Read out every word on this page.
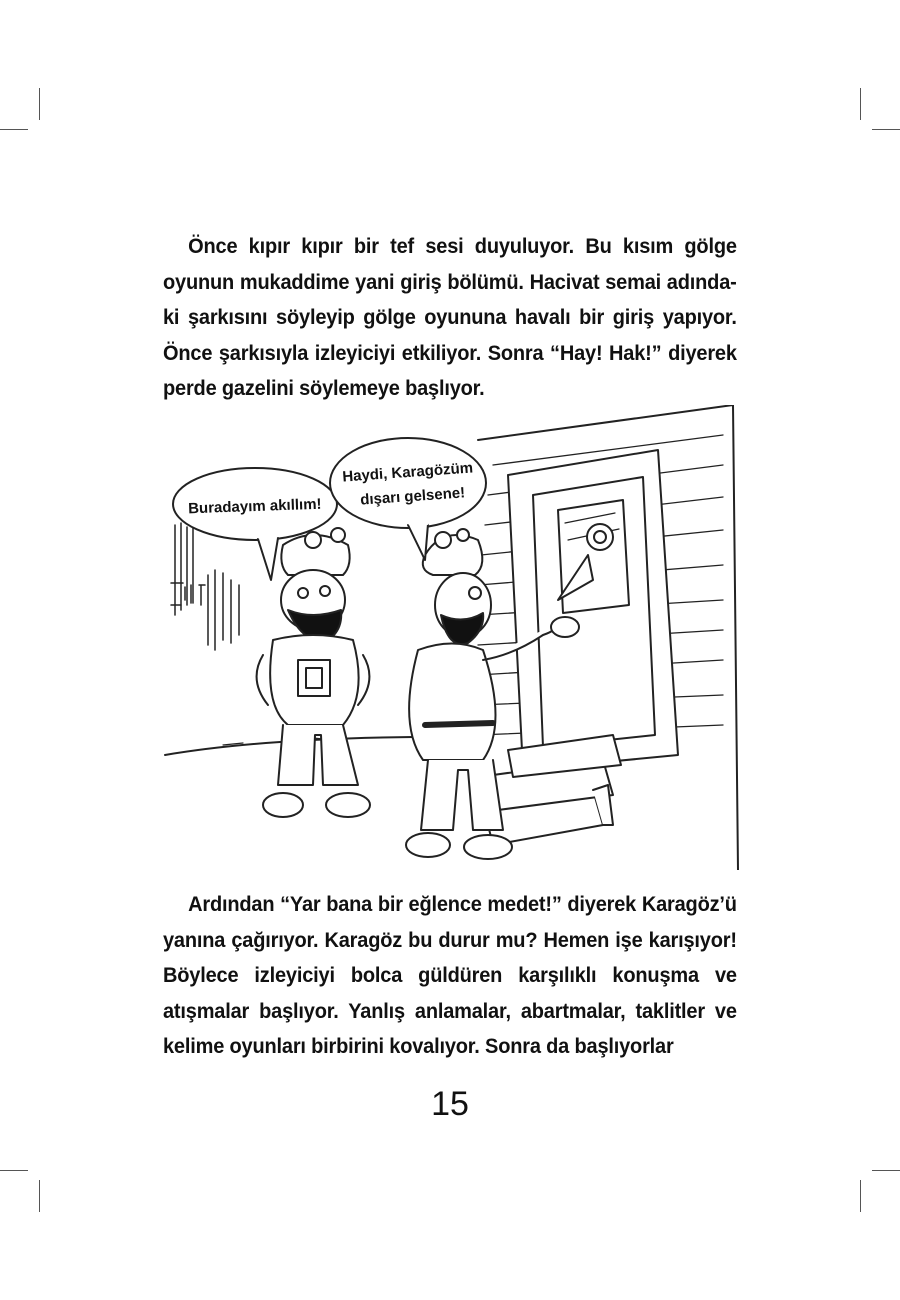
Önce kıpır kıpır bir tef sesi duyuluyor. Bu kısım gölge oyunun mukaddime yani giriş bölümü. Hacivat semai adındaki şarkısını söyleyip gölge oyununa havalı bir giriş yapıyor. Önce şarkısıyla izleyiciyi etkiliyor. Sonra “Hay! Hak!” diyerek perde gazelini söylemeye başlıyor.

Buradayım akıllım!
Haydi, Karagözüm
dışarı gelsene!

Ardından “Yar bana bir eğlence medet!” diyerek Karagöz’ü yanına çağırıyor. Karagöz bu durur mu? Hemen işe karışıyor! Böylece izleyiciyi bolca güldüren karşılıklı konuşma ve atışmalar başlıyor. Yanlış anlamalar, abartmalar, taklitler ve kelime oyunları birbirini kovalıyor. Sonra da başlıyorlar

15
